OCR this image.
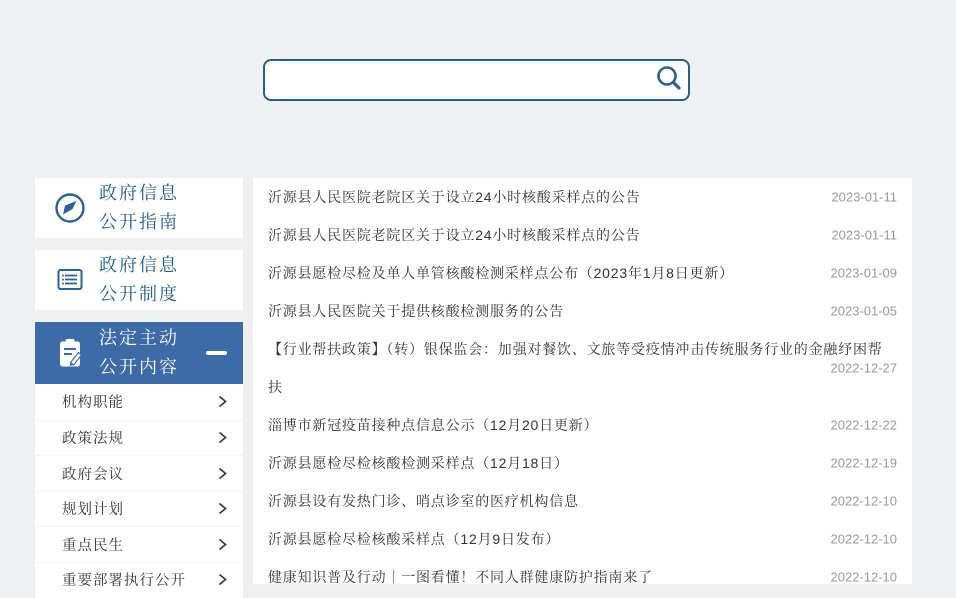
政府信息
公开指南
政府信息
公开制度
法定主动
公开内容
机构职能
政策法规
政府会议
规划计划
重点民生
重要部署执行公开
沂源县人民医院老院区关于设立24小时核酸采样点的公告	2023-01-11
沂源县人民医院老院区关于设立24小时核酸采样点的公告	2023-01-11
沂源县愿检尽检及单人单管核酸检测采样点公布（2023年1月8日更新）	2023-01-09
沂源县人民医院关于提供核酸检测服务的公告	2023-01-05
【行业帮扶政策】（转）银保监会：加强对餐饮、文旅等受疫情冲击传统服务行业的金融纾困帮扶
2022-12-27
淄博市新冠疫苗接种点信息公示（12月20日更新）	2022-12-22
沂源县愿检尽检核酸检测采样点（12月18日）	2022-12-19
沂源县设有发热门诊、哨点诊室的医疗机构信息	2022-12-10
沂源县愿检尽检核酸采样点（12月9日发布）	2022-12-10
健康知识普及行动｜一图看懂！不同人群健康防护指南来了	2022-12-10
